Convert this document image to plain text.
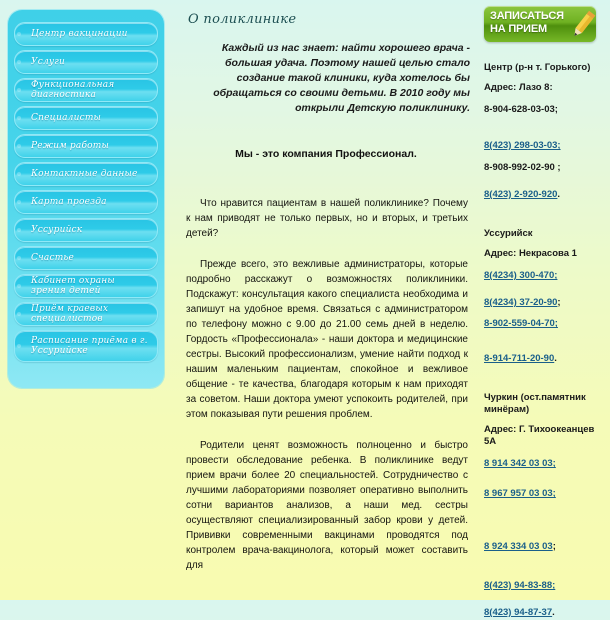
Центр вакцинации
Услуги
Функциональная диагностика
Специалисты
Режим работы
Контактные данные
Карта проезда
Уссурийск
Счастье
Кабинет охраны зрения детей
Приём краевых специалистов
Расписание приёма в г. Уссурийске
О поликлинике
Каждый из нас знает: найти хорошего врача - большая удача. Поэтому нашей целью стало создание такой клиники, куда хотелось бы обращаться со своими детьми. В 2010 году мы открыли Детскую поликлинику.
Мы - это компания Профессионал.
Что нравится пациентам в нашей поликлинике? Почему к нам приводят не только первых, но и вторых, и третьих детей?
Прежде всего, это вежливые администраторы, которые подробно расскажут о возможностях поликлиники. Подскажут: консультация какого специалиста необходима и запишут на удобное время. Связаться с администратором по телефону можно с 9.00 до 21.00 семь дней в неделю. Гордость «Профессионала» - наши доктора и медицинские сестры. Высокий профессионализм, умение найти подход к нашим маленьким пациентам, спокойное и вежливое общение - те качества, благодаря которым к нам приходят за советом. Наши доктора умеют успокоить родителей, при этом показывая пути решения проблем.
Родители ценят возможность полноценно и быстро провести обследование ребенка. В поликлинике ведут прием врачи более 20 специальностей. Сотрудничество с лучшими лабораториями позволяет оперативно выполнить сотни вариантов анализов, а наши мед. сестры осуществляют специализированный забор крови у детей. Прививки современными вакцинами проводятся под контролем врача-вакцинолога, который может составить для
ЗАПИСАТЬСЯ
НА ПРИЕМ
Центр (р-н т. Горького)
Адрес: Лазо 8:
8-904-628-03-03;
8(423) 298-03-03;
8-908-992-02-90 ;
8(423) 2-920-920.
Уссурийск
Адрес: Некрасова 1
8(4234) 300-470;
8(4234) 37-20-90;
8-902-559-04-70;
8-914-711-20-90.
Чуркин (ост.памятник минёрам)
Адрес: Г. Тихоокеанцев 5А
8 914 342 03 03;
8 967 957 03 03;
8 924 334 03 03;
8(423) 94-83-88;
8(423) 94-87-37.
